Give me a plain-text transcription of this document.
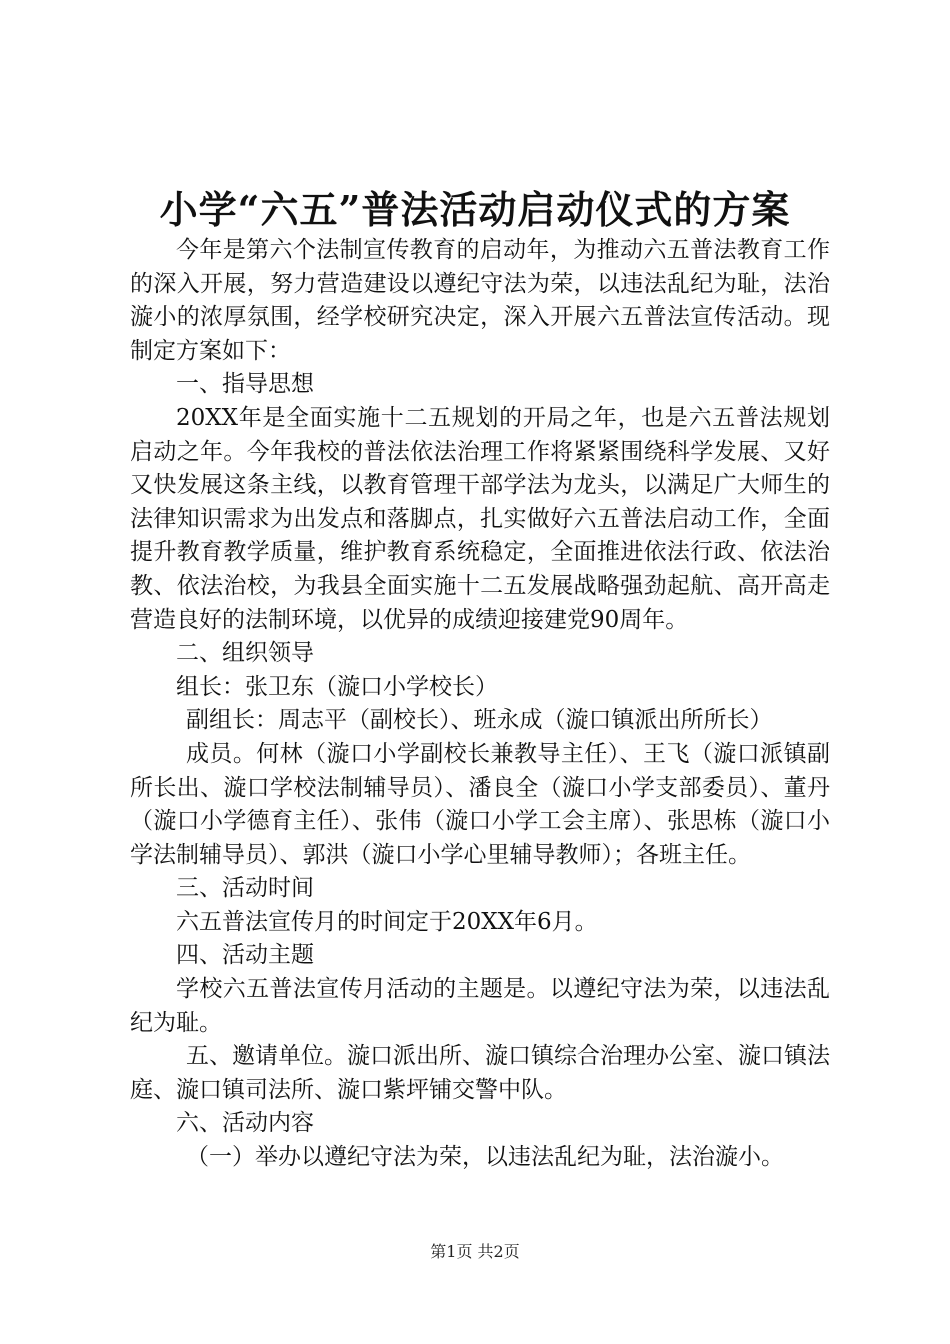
小学“六五”普法活动启动仪式的方案

今年是第六个法制宣传教育的启动年，为推动六五普法教育工作的深入开展，努力营造建设以遵纪守法为荣，以违法乱纪为耻，法治漩小的浓厚氛围，经学校研究决定，深入开展六五普法宣传活动。现制定方案如下：

一、指导思想

20XX年是全面实施十二五规划的开局之年，也是六五普法规划启动之年。今年我校的普法依法治理工作将紧紧围绕科学发展、又好又快发展这条主线，以教育管理干部学法为龙头，以满足广大师生的法律知识需求为出发点和落脚点，扎实做好六五普法启动工作，全面提升教育教学质量，维护教育系统稳定，全面推进依法行政、依法治教、依法治校，为我县全面实施十二五发展战略强劲起航、高开高走营造良好的法制环境，以优异的成绩迎接建党90周年。

二、组织领导

组长：张卫东（漩口小学校长）

副组长：周志平（副校长）、班永成（漩口镇派出所所长）

成员。何林（漩口小学副校长兼教导主任）、王飞（漩口派镇副所长出、漩口学校法制辅导员）、潘良全（漩口小学支部委员）、董丹（漩口小学德育主任）、张伟（漩口小学工会主席）、张思栋（漩口小学法制辅导员）、郭洪（漩口小学心里辅导教师）；各班主任。

三、活动时间

六五普法宣传月的时间定于20XX年6月。

四、活动主题

学校六五普法宣传月活动的主题是。以遵纪守法为荣，以违法乱纪为耻。

五、邀请单位。漩口派出所、漩口镇综合治理办公室、漩口镇法庭、漩口镇司法所、漩口紫坪铺交警中队。

六、活动内容

（一）举办以遵纪守法为荣，以违法乱纪为耻，法治漩小。

第1页 共2页
